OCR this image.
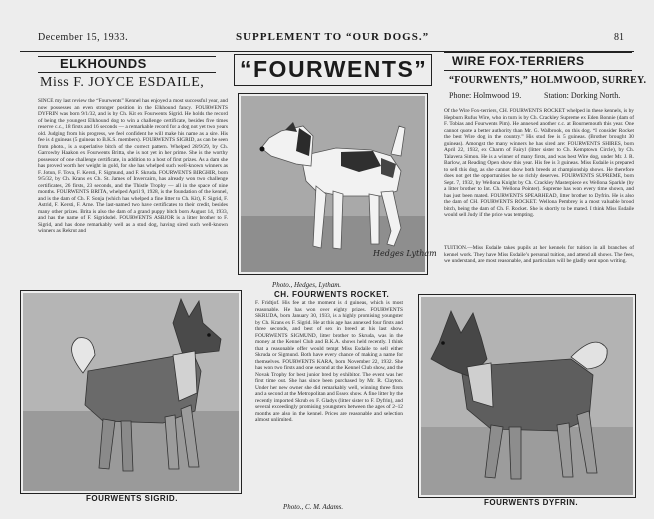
December 15, 1933.	SUPPLEMENT TO “OUR DOGS.”	81
ELKHOUNDS
Miss F. JOYCE ESDAILE,

SINCE my last review the “Fourwents” Kennel has enjoyed a most successful year, and now possesses an even stronger position in the Elkhound fancy. FOURWENTS DYFRIN was born 9/1/32, and is by Ch. Kit ex Fourwents Sigrid. He holds the record of being the youngest Elkhound dog to win a challenge certificate, besides five times reserve c.c., 18 firsts and 16 seconds — a remarkable record for a dog not yet two years old. Judging from his progress, we feel confident he will make his name as a sire. His fee is 4 guineas (5 guineas to B.K.S. members). FOURWENTS SIGRID, as can be seen from photo., is a superlative bitch of the correct pattern. Whelped 28/9/29, by Ch. Garrowby Haakon ex Fourwents Britta, she is not yet in her prime. She is the worthy possessor of one challenge certificate, in addition to a host of first prizes. As a dam she has proved worth her weight in gold, for she has whelped such well-known winners as F. Jotun, F. Tova, F. Kersti, F. Sigmund, and F. Skruda. FOURWENTS BIRGHIR, born 9/5/32, by Ch. Krans ex Ch. St. James of Invercairn, has already won two challenge certificates, 26 firsts, 23 seconds, and the Thistle Trophy — all in the space of nine months. FOURWENTS BRITA, whelped April 9, 1928, is the foundation of the kennel, and is the dam of Ch. F. Sonja (which has whelped a fine litter to Ch. Kit), F. Sigrid, F. Astrid, F. Kersti, F. Arne. The last-named two have certificates to their credit, besides many other prizes. Brita is also the dam of a grand puppy bitch born August 14, 1933, and has the name of F. Sigridsdel. FOURWENTS ASBJOR is a litter brother to F. Sigrid, and has done remarkably well as a stud dog, having sired such well-known winners as Rekrut and

“FOURWENTS”
Hedges Lytham
WIRE FOX-TERRIERS
“FOURWENTS,” HOLMWOOD, SURREY.
Phone: Holmwood 19.	Station: Dorking North.

Of the Wire Fox-terriers, CH. FOURWENTS ROCKET whelped in these kennels, is by Hepburn Rufus Wire, who in turn is by Ch. Crackley Supreme ex Eden Bonnie (dam of F. Tobias and Fourwents Pim). He annexed another c.c. at Bournemouth this year. One cannot quote a better authority than Mr. G. Walbrook, on this dog. “I consider Rocket the best Wire dog in the country.” His stud fee is 5 guineas. (Brother brought 30 guineas). Amongst the many winners he has sired are: FOURWENTS SHIRES, born April 22, 1932, ex Charm of Fairyl (litter sister to Ch. Kemptown Circle), by Ch. Talavera Simon. He is a winner of many firsts, and was best Wire dog, under Mr. J. R. Barlow, at Reading Open show this year. His fee is 3 guineas. Miss Esdaile is prepared to sell this dog, as she cannot show both breeds at championship shows. He therefore does not get the opportunities he so richly deserves. FOURWENTS SUPREME, born Sept. 7, 1932, by Wellona Knight by Ch. Crackley Masterpiece ex Wellona Sparkle (by a litter brother to Int. Ch. Wellona Pointer). Supreme has won every time shown, and has just been mated. FOURWENTS SPEARHEAD, litter brother to Dyfrin. He is also the dam of CH. FOURWENTS ROCKET. Wellona Pembrey is a most valuable brood bitch, being the dam of Ch. F. Rocket. She is shortly to be mated. I think Miss Esdaile would sell Judy if the price was tempting.

TUITION.—Miss Esdaile takes pupils at her kennels for tuition in all branches of kennel work. They have Miss Esdaile’s personal tuition, and attend all shows. The fees, we understand, are most reasonable, and particulars will be gladly sent upon writing.

Photo., Hedges, Lytham.
CH. FOURWENTS ROCKET.
FOURWENTS SIGRID.

F. Fridtjof. His fee at the moment is 4 guineas, which is most reasonable. He has won over eighty prizes. FOURWENTS SKRUDA, born January 30, 1933, is a highly promising youngster by Ch. Krans ex F. Sigrid. He at this age has annexed four firsts and three seconds, and best of sex in breed at his last show. FOURWENTS SIGMUND, litter brother to Skruda, was in the money at the Kennel Club and B.K.A. shows held recently. I think that a reasonable offer would tempt Miss Esdaile to sell either Skruda or Sigmund. Both have every chance of making a name for themselves. FOURWENTS KARA, born November 22, 1932. She has won two firsts and one second at the Kennel Club show, and the Novak Trophy for best junior bred by exhibitor. The event was her first time out. She has since been purchased by Mr. R. Clayton. Under her new owner she did remarkably well, winning three firsts and a second at the Metropolitan and Essex show. A fine litter by the recently imported Skrub ex F. Gladys (litter sister to F. Dyfrin), and several exceedingly promising youngsters between the ages of 2–12 months are also in the kennel. Prices are reasonable and selection almost unlimited.

Photo., C. M. Adams.	FOURWENTS DYFRIN.
